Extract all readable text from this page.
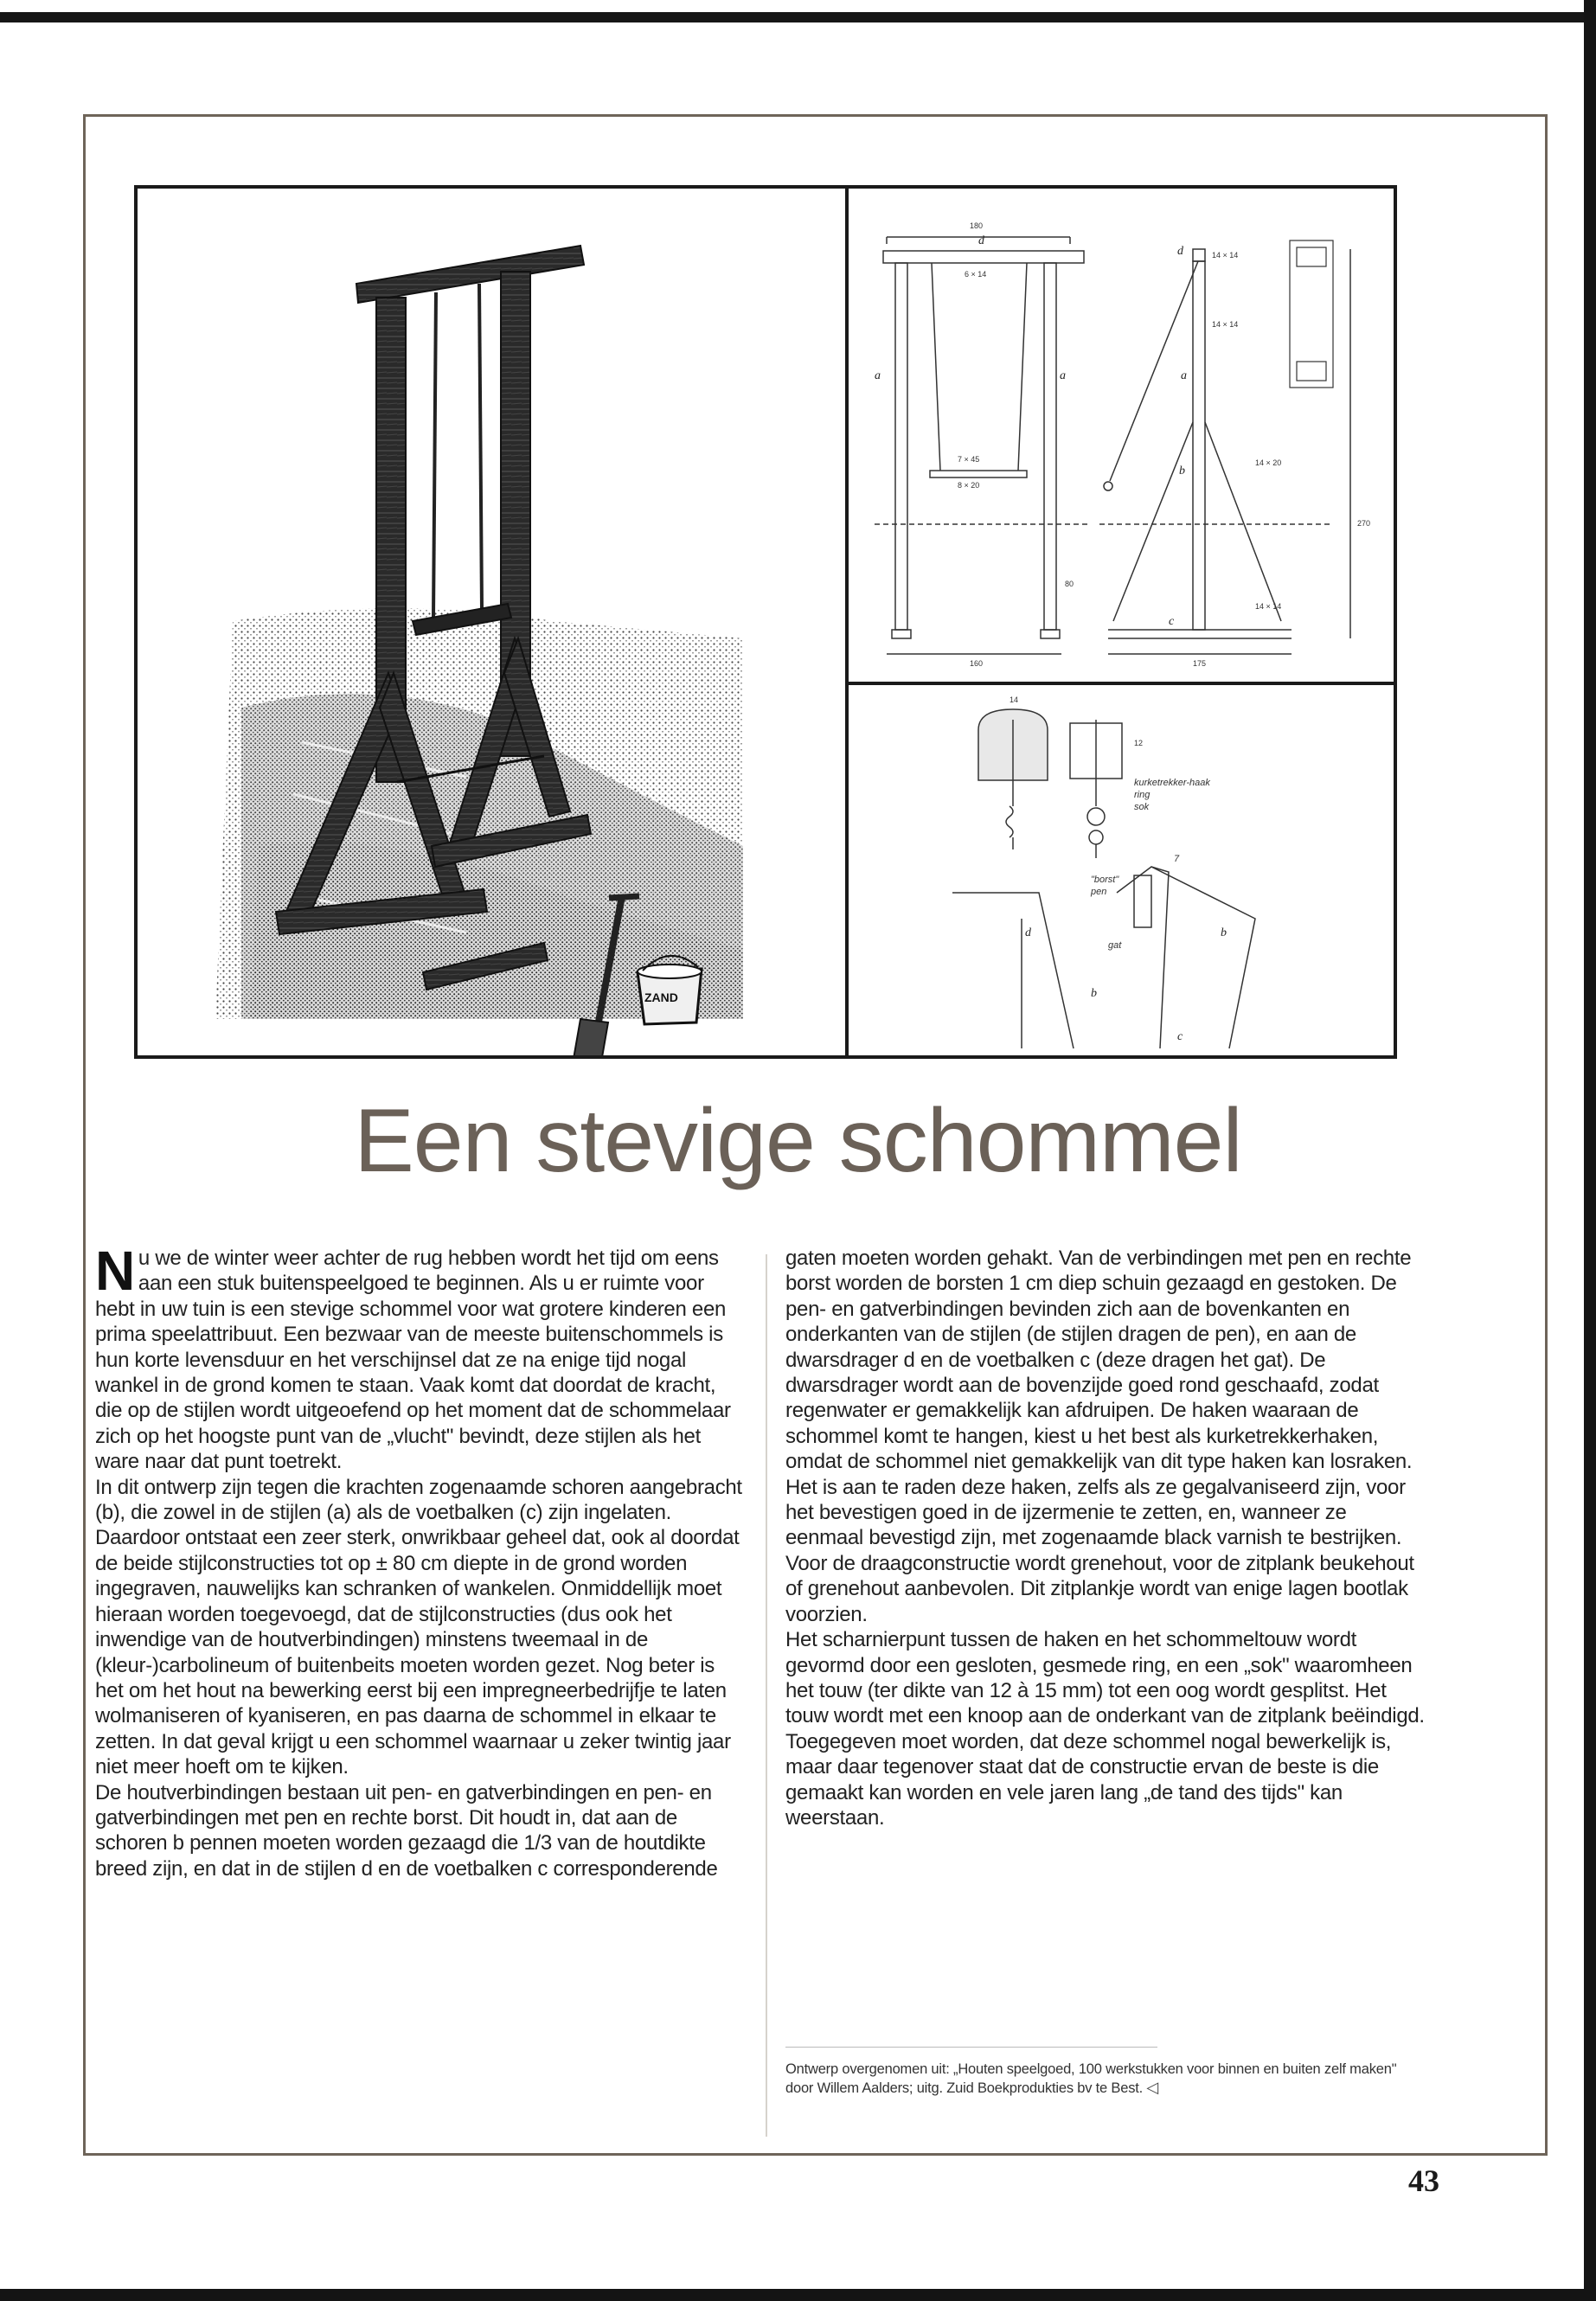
ZAND
d
a	a
180
6 × 14
7 × 45
8 × 20
80
160
d
a
b
c
14 × 14
14 × 14
14 × 20
14 × 14
270
175
14
12
kurketrekker-haak
ring
sok
"borst"
pen
gat
7
d	b
c
b
Een stevige schommel
N u we de winter weer achter de rug hebben wordt het tijd om eens aan een stuk buitenspeelgoed te beginnen. Als u er ruimte voor hebt in uw tuin is een stevige schommel voor wat grotere kinderen een prima speelattribuut. Een bezwaar van de meeste buitenschommels is hun korte levensduur en het verschijnsel dat ze na enige tijd nogal wankel in de grond komen te staan. Vaak komt dat doordat de kracht, die op de stijlen wordt uitgeoefend op het moment dat de schommelaar zich op het hoogste punt van de „vlucht" bevindt, deze stijlen als het ware naar dat punt toetrekt.

In dit ontwerp zijn tegen die krachten zogenaamde schoren aangebracht (b), die zowel in de stijlen (a) als de voetbalken (c) zijn ingelaten. Daardoor ontstaat een zeer sterk, onwrikbaar geheel dat, ook al doordat de beide stijlconstructies tot op ± 80 cm diepte in de grond worden ingegraven, nauwelijks kan schranken of wankelen. Onmiddellijk moet hieraan worden toegevoegd, dat de stijlconstructies (dus ook het inwendige van de houtverbindingen) minstens tweemaal in de (kleur-)carbolineum of buitenbeits moeten worden gezet. Nog beter is het om het hout na bewerking eerst bij een impregneerbedrijfje te laten wolmaniseren of kyaniseren, en pas daarna de schommel in elkaar te zetten. In dat geval krijgt u een schommel waarnaar u zeker twintig jaar niet meer hoeft om te kijken.

De houtverbindingen bestaan uit pen- en gatverbindingen en pen- en gatverbindingen met pen en rechte borst. Dit houdt in, dat aan de schoren b pennen moeten worden gezaagd die 1/3 van de houtdikte breed zijn, en dat in de stijlen d en de voetbalken c corresponderende

gaten moeten worden gehakt. Van de verbindingen met pen en rechte borst worden de borsten 1 cm diep schuin gezaagd en gestoken. De pen- en gatverbindingen bevinden zich aan de bovenkanten en onderkanten van de stijlen (de stijlen dragen de pen), en aan de dwarsdrager d en de voetbalken c (deze dragen het gat). De dwarsdrager wordt aan de bovenzijde goed rond geschaafd, zodat regenwater er gemakkelijk kan afdruipen. De haken waaraan de schommel komt te hangen, kiest u het best als kurketrekkerhaken, omdat de schommel niet gemakkelijk van dit type haken kan losraken. Het is aan te raden deze haken, zelfs als ze gegalvaniseerd zijn, voor het bevestigen goed in de ijzermenie te zetten, en, wanneer ze eenmaal bevestigd zijn, met zogenaamde black varnish te bestrijken. Voor de draagconstructie wordt grenehout, voor de zitplank beukehout of grenehout aanbevolen. Dit zitplankje wordt van enige lagen bootlak voorzien.

Het scharnierpunt tussen de haken en het schommeltouw wordt gevormd door een gesloten, gesmede ring, en een „sok" waaromheen het touw (ter dikte van 12 à 15 mm) tot een oog wordt gesplitst. Het touw wordt met een knoop aan de onderkant van de zitplank beëindigd. Toegegeven moet worden, dat deze schommel nogal bewerkelijk is, maar daar tegenover staat dat de constructie ervan de beste is die gemaakt kan worden en vele jaren lang „de tand des tijds" kan weerstaan.

Ontwerp overgenomen uit: „Houten speelgoed, 100 werkstukken voor binnen en buiten zelf maken" door Willem Aalders; uitg. Zuid Boekprodukties bv te Best. ◁
43
